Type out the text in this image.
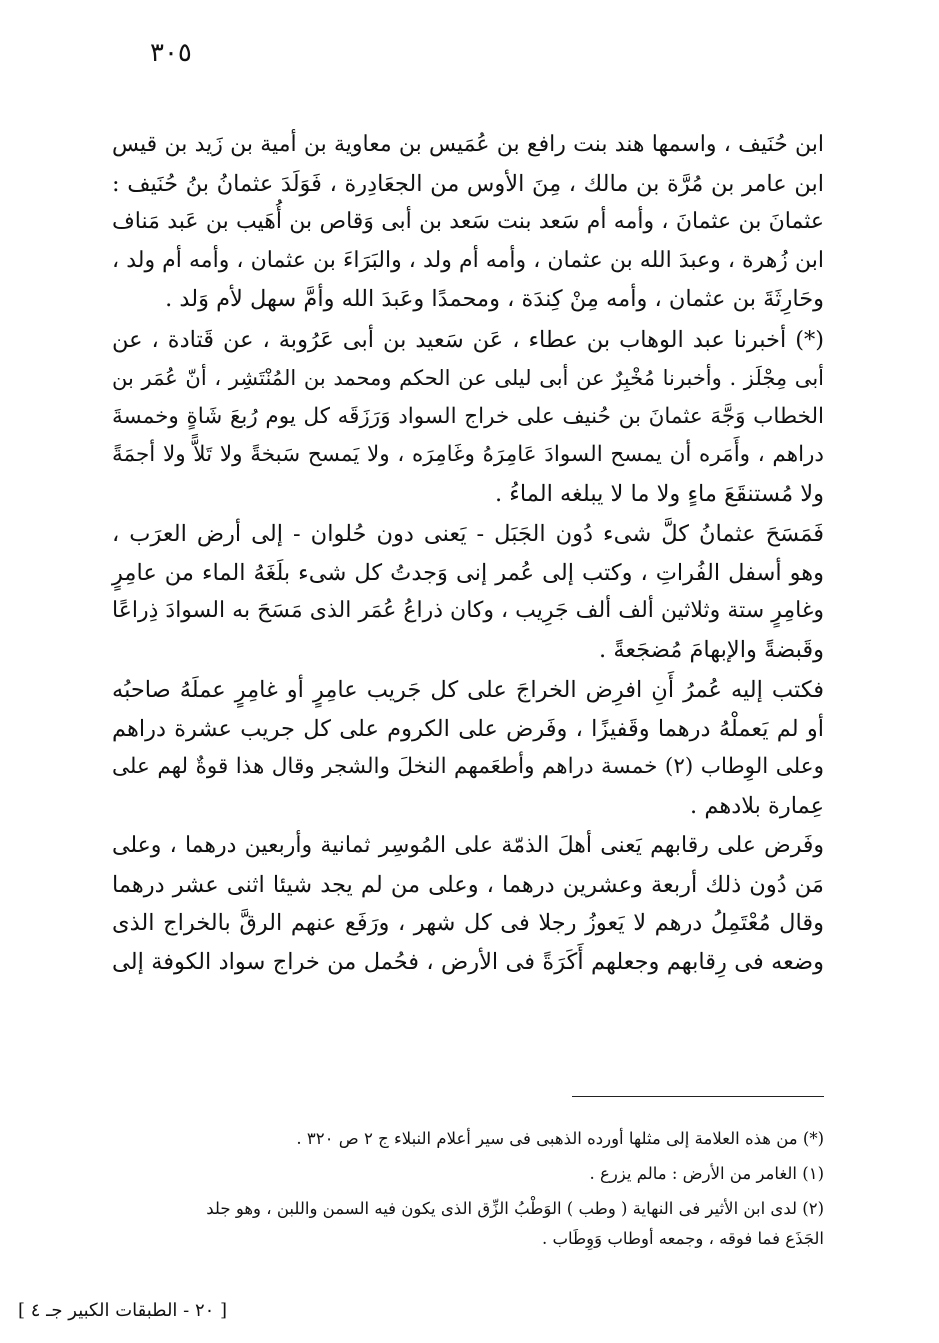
٣٠٥
ابن حُنَيف ، واسمها هند بنت رافع بن عُمَيس بن معاوية بن أمية بن زَيد بن قيس
ابن عامر بن مُرَّة بن مالك ، مِنَ الأوس من الجعَادِرة ، فَوَلَدَ عثمانُ بنُ حُنَيف :
عثمانَ بن عثمانَ ، وأمه أم سَعد بنت سَعد بن أبى وَقاص بن أُهَيب بن عَبد مَناف
ابن زُهرة ، وعبدَ الله بن عثمان ، وأمه أم ولد ، والبَرَاءَ بن عثمان ، وأمه أم ولد ،
وحَارِثَةَ بن عثمان ، وأمه مِنْ كِندَة ، ومحمدًا وعَبدَ الله وأمَّ سهل لأم وَلد .
(*) أخبرنا عبد الوهاب بن عطاء ، عَن سَعيد بن أبى عَرُوبة ، عن قَتادة ، عن
أبى مِجْلَز . وأخبرنا مُخْبِرٌ عن أبى ليلى عن الحكم ومحمد بن المُنْتَشِر ، أنّ عُمَر بن
الخطاب وَجَّهَ عثمانَ بن حُنيف على خراج السواد وَرَزَقَه كل يوم رُبعَ شَاةٍ وخمسةَ
دراهم ، وأَمَره أن يمسح السوادَ عَامِرَهُ وغَامِرَه ، ولا يَمسح سَبخةً ولا تَلاًّ ولا أجمَةً
ولا مُستنقَعَ ماءٍ ولا ما لا يبلغه الماءُ .
فَمَسَحَ عثمانُ كلَّ شىء دُون الجَبَل - يَعنى دون حُلوان - إلى أرض العرَب ،
وهو أسفل الفُراتِ ، وكتب إلى عُمر إنى وَجدتُ كل شىء بلَغَهُ الماء من عامِرٍ
وغامِرٍ ستة وثلاثين ألف ألف جَرِيب ، وكان ذراعُ عُمَر الذى مَسَحَ به السوادَ ذِراعًا
وقَبضةً والإبهامَ مُضجَعةً .
فكتب إليه عُمرُ أَنِ افرِض الخراجَ على كل جَريب عامِرٍ أو غامِرٍ عملَهُ صاحبُه
أو لم يَعملْهُ درهما وقَفيزًا ، وفَرض على الكروم على كل جريب عشرة دراهم
وعلى الوِطاب (٢) خمسة دراهم وأطعَمهم النخلَ والشجر وقال هذا قوةٌ لهم على
عِمارة بلادهم .
وفَرض على رقابهم يَعنى أهلَ الذمّة على المُوسِر ثمانية وأربعين درهما ، وعلى
مَن دُون ذلك أربعة وعشرين درهما ، وعلى من لم يجد شيئا اثنى عشر درهما
وقال مُعْتَمِلُ درهم لا يَعوزُ رجلا فى كل شهر ، ورَفَع عنهم الرقَّ بالخراج الذى
وضعه فى رِقابهم وجعلهم أَكَرَةً فى الأرض ، فحُمل من خراج سواد الكوفة إلى
(*) من هذه العلامة إلى مثلها أورده الذهبى فى سير أعلام النبلاء ج ٢ ص ٣٢٠ .
(١) الغامر من الأرض : مالم يزرع .
(٢) لدى ابن الأثير فى النهاية ( وطب ) الوَطْبُ الزِّق الذى يكون فيه السمن واللبن ، وهو جلد
الجَذَع فما فوقه ، وجمعه أوطاب وَوِطَاب .
[ ٢٠ - الطبقات الكبير جـ ٤ ]
